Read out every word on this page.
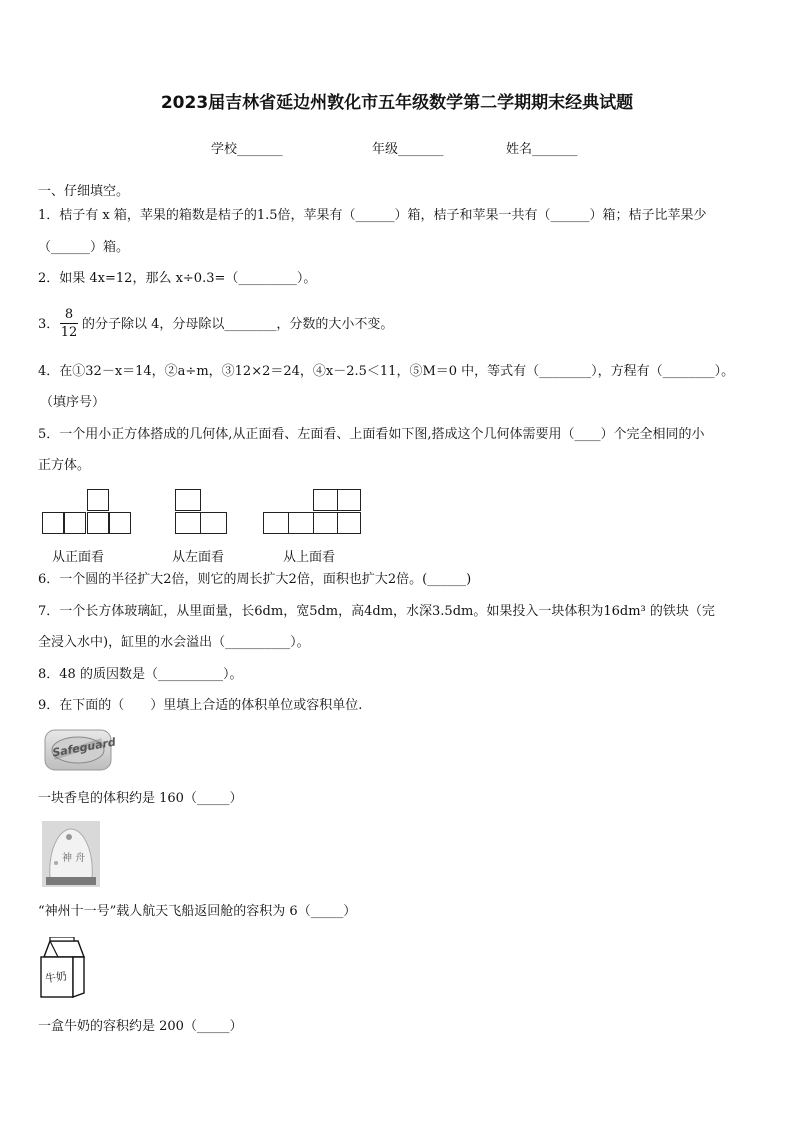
2023届吉林省延边州敦化市五年级数学第二学期期末经典试题
学校_______	年级_______	姓名_______
一、仔细填空。
1．桔子有 x 箱，苹果的箱数是桔子的1.5倍，苹果有（______）箱，桔子和苹果一共有（______）箱；桔子比苹果少
（______）箱。
2．如果 4x=12，那么 x÷0.3=（_________）。
3．
8
12
的分子除以 4，分母除以________，分数的大小不变。
4．在①32－x＝14，②a÷m，③12×2＝24，④x－2.5＜11，⑤M＝0 中，等式有（________），方程有（________）。
（填序号）
5．一个用小正方体搭成的几何体,从正面看、左面看、上面看如下图,搭成这个几何体需要用（____）个完全相同的小
正方体。
从正面看	从左面看	从上面看
6．一个圆的半径扩大2倍，则它的周长扩大2倍，面积也扩大2倍。(______)
7．一个长方体玻璃缸，从里面量，长6dm，宽5dm，高4dm，水深3.5dm。如果投入一块体积为16dm³ 的铁块（完
全浸入水中)，缸里的水会溢出（__________）。
8．48 的质因数是（__________）。
9．在下面的（　　）里填上合适的体积单位或容积单位.
Safeguard
一块香皂的体积约是 160（_____）
神 舟
“神州十一号”载人航天飞船返回舱的容积为 6（_____）
牛奶
一盒牛奶的容积约是 200（_____）
